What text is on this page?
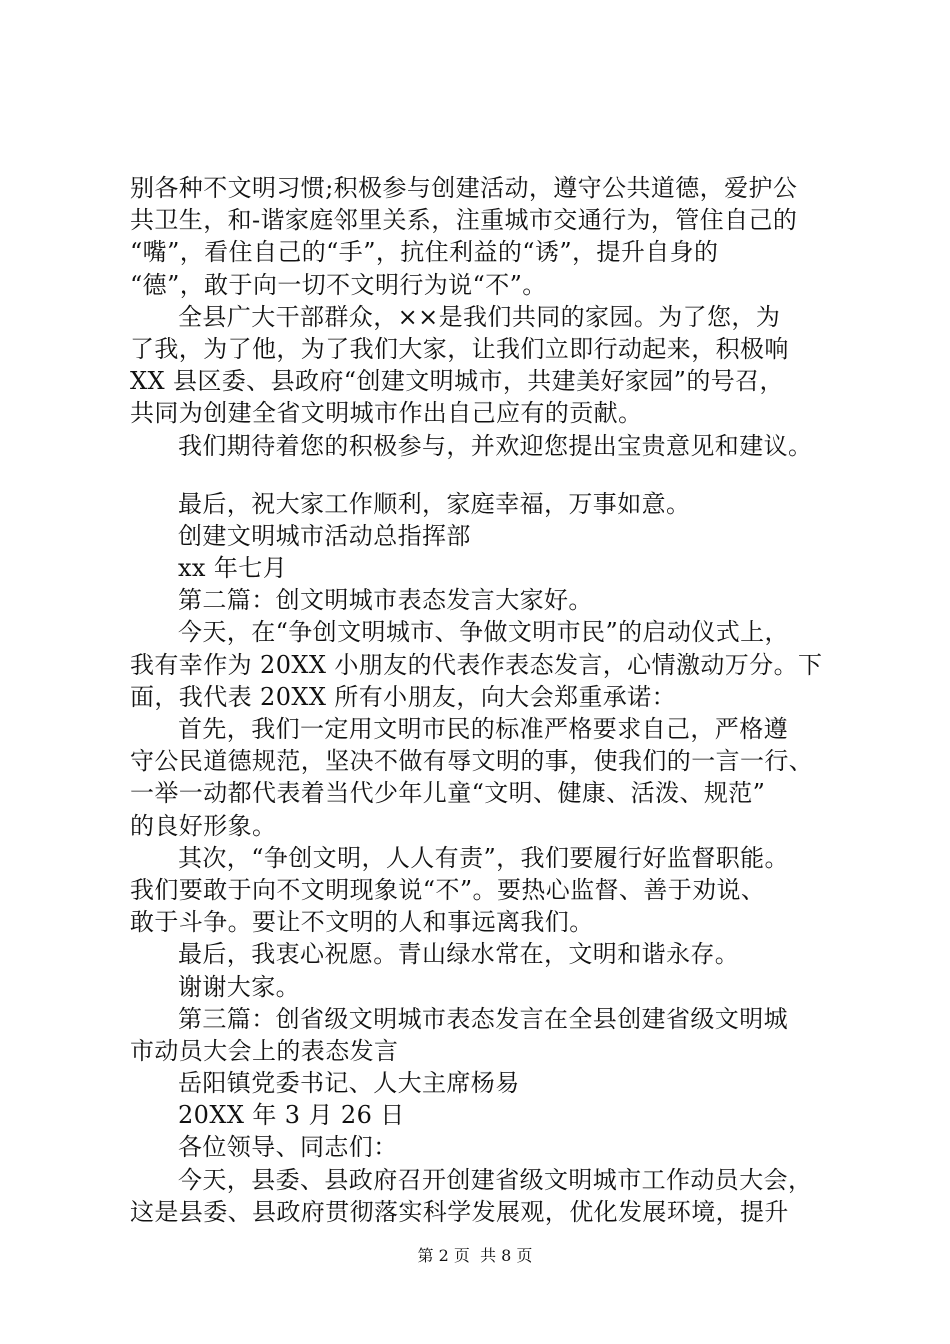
别各种不文明习惯;积极参与创建活动，遵守公共道德，爱护公
共卫生，和-谐家庭邻里关系，注重城市交通行为，管住自己的
“嘴”，看住自己的“手”，抗住利益的“诱”，提升自身的
“德”，敢于向一切不文明行为说“不”。
全县广大干部群众，××是我们共同的家园。为了您，为
了我，为了他，为了我们大家，让我们立即行动起来，积极响
XX 县区委、县政府“创建文明城市，共建美好家园”的号召，
共同为创建全省文明城市作出自己应有的贡献。
我们期待着您的积极参与，并欢迎您提出宝贵意见和建议。
最后，祝大家工作顺利，家庭幸福，万事如意。
创建文明城市活动总指挥部
xx 年七月
第二篇：创文明城市表态发言大家好。
今天，在“争创文明城市、争做文明市民”的启动仪式上，
我有幸作为 20XX 小朋友的代表作表态发言，心情激动万分。下
面，我代表 20XX 所有小朋友，向大会郑重承诺：
首先，我们一定用文明市民的标准严格要求自己，严格遵
守公民道德规范，坚决不做有辱文明的事，使我们的一言一行、
一举一动都代表着当代少年儿童“文明、健康、活泼、规范”
的良好形象。
其次，“争创文明，人人有责”，我们要履行好监督职能。
我们要敢于向不文明现象说“不”。要热心监督、善于劝说、
敢于斗争。要让不文明的人和事远离我们。
最后，我衷心祝愿。青山绿水常在，文明和谐永存。
谢谢大家。
第三篇：创省级文明城市表态发言在全县创建省级文明城
市动员大会上的表态发言
岳阳镇党委书记、人大主席杨易
20XX 年 3 月 26 日
各位领导、同志们：
今天，县委、县政府召开创建省级文明城市工作动员大会，
这是县委、县政府贯彻落实科学发展观，优化发展环境，提升
第 2 页  共 8 页
